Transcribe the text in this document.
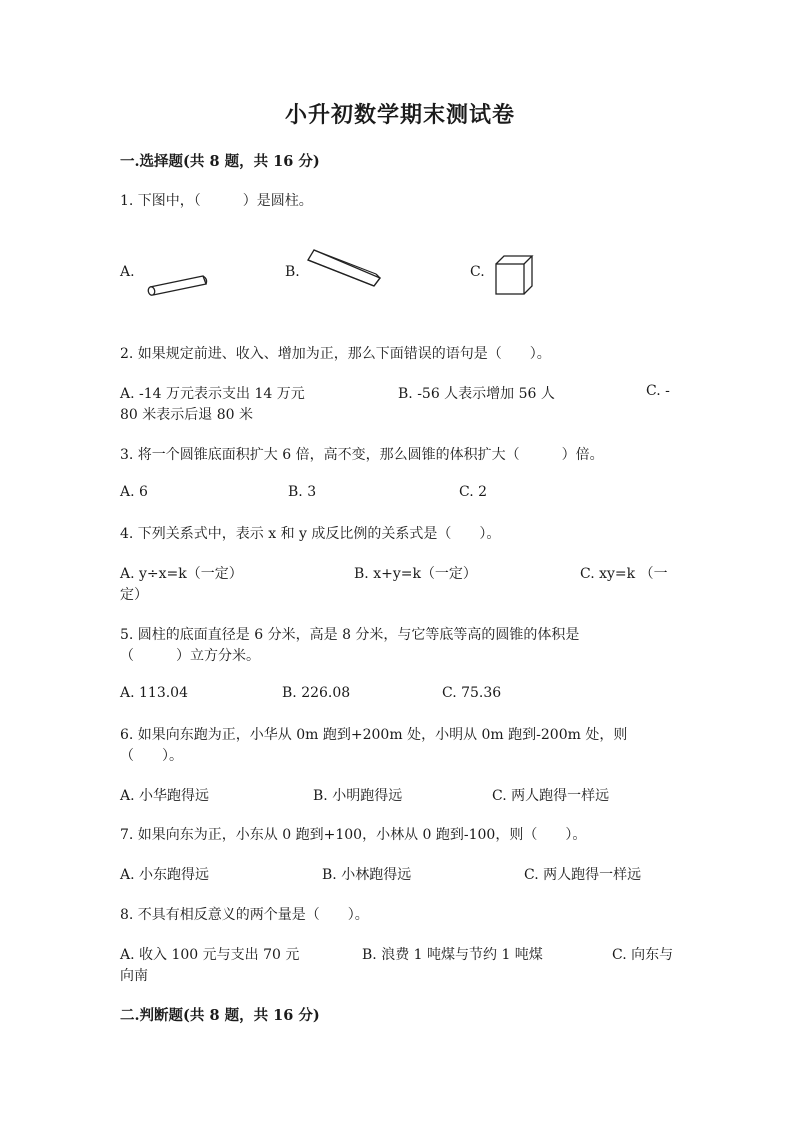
小升初数学期末测试卷
一.选择题(共 8 题，共 16 分)
1. 下图中，（　　　）是圆柱。
A.	B.	C.
2. 如果规定前进、收入、增加为正，那么下面错误的语句是（　　）。
A. -14 万元表示支出 14 万元	B. -56 人表示增加 56 人	C. -
80 米表示后退 80 米
3. 将一个圆锥底面积扩大 6 倍，高不变，那么圆锥的体积扩大（　　　）倍。
A. 6	B. 3	C. 2
4. 下列关系式中，表示 x 和 y 成反比例的关系式是（　　）。
A. y÷x=k（一定）	B. x+y=k（一定）	C. xy=k （一
定）
5. 圆柱的底面直径是 6 分米，高是 8 分米，与它等底等高的圆锥的体积是
（　　　）立方分米。
A. 113.04	B. 226.08	C. 75.36
6. 如果向东跑为正，小华从 0m 跑到+200m 处，小明从 0m 跑到-200m 处，则
（　　）。
A. 小华跑得远	B. 小明跑得远	C. 两人跑得一样远
7. 如果向东为正，小东从 0 跑到+100，小林从 0 跑到-100，则（　　）。
A. 小东跑得远	B. 小林跑得远	C. 两人跑得一样远
8. 不具有相反意义的两个量是（　　）。
A. 收入 100 元与支出 70 元	B. 浪费 1 吨煤与节约 1 吨煤	C. 向东与
向南
二.判断题(共 8 题，共 16 分)
